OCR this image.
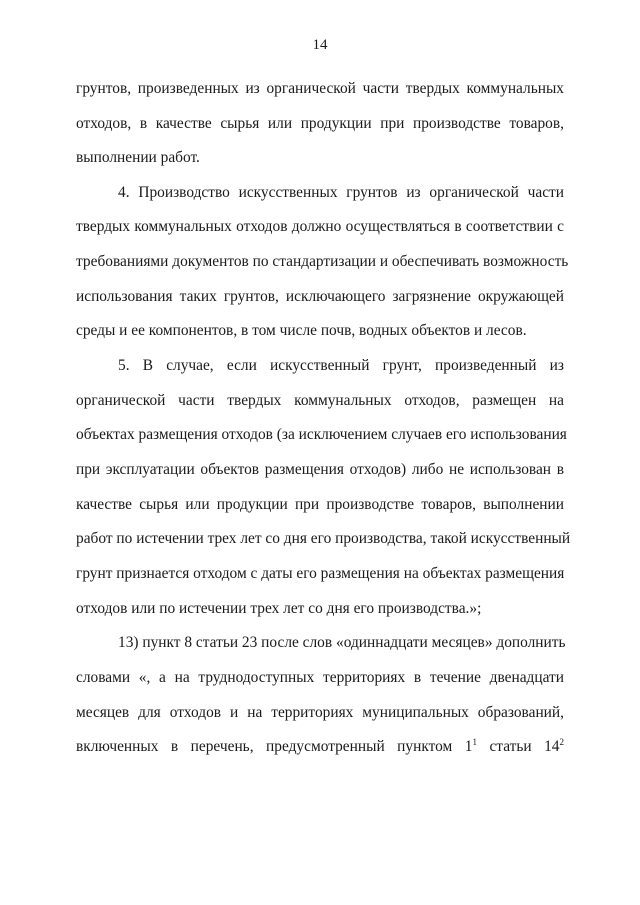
14
грунтов, произведенных из органической части твердых коммунальных
отходов, в качестве сырья или продукции при производстве товаров,
выполнении работ.
4. Производство искусственных грунтов из органической части
твердых коммунальных отходов должно осуществляться в соответствии с
требованиями документов по стандартизации и обеспечивать возможность
использования таких грунтов, исключающего загрязнение окружающей
среды и ее компонентов, в том числе почв, водных объектов и лесов.
5. В случае, если искусственный грунт, произведенный из
органической части твердых коммунальных отходов, размещен на
объектах размещения отходов (за исключением случаев его использования
при эксплуатации объектов размещения отходов) либо не использован в
качестве сырья или продукции при производстве товаров, выполнении
работ по истечении трех лет со дня его производства, такой искусственный
грунт признается отходом с даты его размещения на объектах размещения
отходов или по истечении трех лет со дня его производства.»;
13) пункт 8 статьи 23 после слов «одиннадцати месяцев» дополнить
словами «, а на труднодоступных территориях в течение двенадцати
месяцев для отходов и на территориях муниципальных образований,
включенных в перечень, предусмотренный пунктом $1^1$ статьи $14^2$
